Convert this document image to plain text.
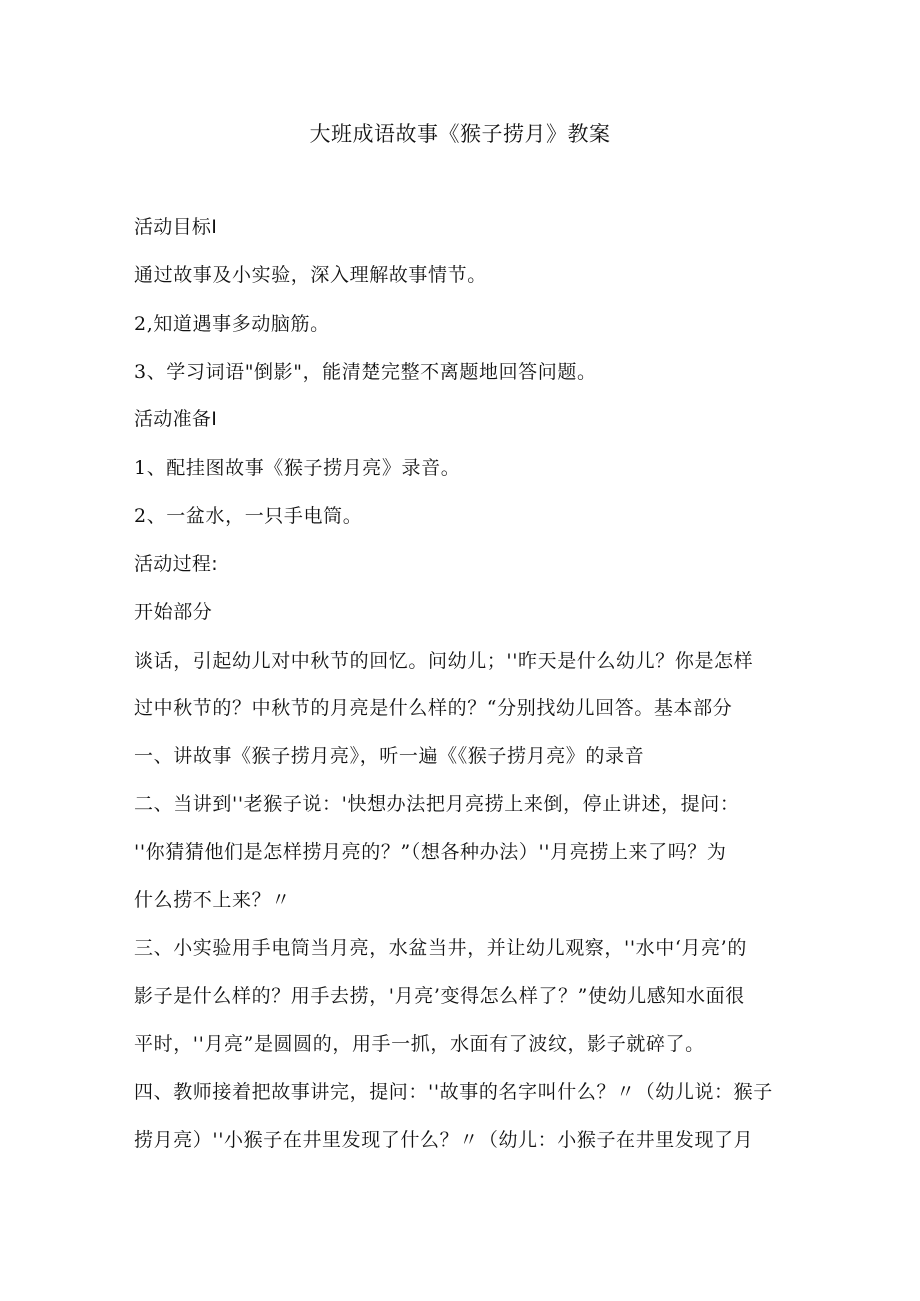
大班成语故事《猴子捞月》教案
活动目标I
通过故事及小实验，深入理解故事情节。
2,知道遇事多动脑筋。
3、学习词语"倒影"，能清楚完整不离题地回答问题。
活动准备I
1、配挂图故事《猴子捞月亮》录音。
2、一盆水，一只手电筒。
活动过程:
开始部分
谈话，引起幼儿对中秋节的回忆。问幼儿；''昨天是什么幼儿？你是怎样
过中秋节的？中秋节的月亮是什么样的？“分别找幼儿回答。基本部分
一、讲故事《猴子捞月亮》，听一遍《《猴子捞月亮》的录音
二、当讲到''老猴子说：'快想办法把月亮捞上来倒，停止讲述，提问：
''你猜猜他们是怎样捞月亮的？”（想各种办法）''月亮捞上来了吗？为
什么捞不上来？〃
三、小实验用手电筒当月亮，水盆当井，并让幼儿观察，''水中‘月亮’的
影子是什么样的？用手去捞，'月亮’变得怎么样了？”使幼儿感知水面很
平时，''月亮”是圆圆的，用手一抓，水面有了波纹，影子就碎了。
四、教师接着把故事讲完，提问：''故事的名字叫什么？〃（幼儿说：猴子
捞月亮）''小猴子在井里发现了什么？〃（幼儿：小猴子在井里发现了月
